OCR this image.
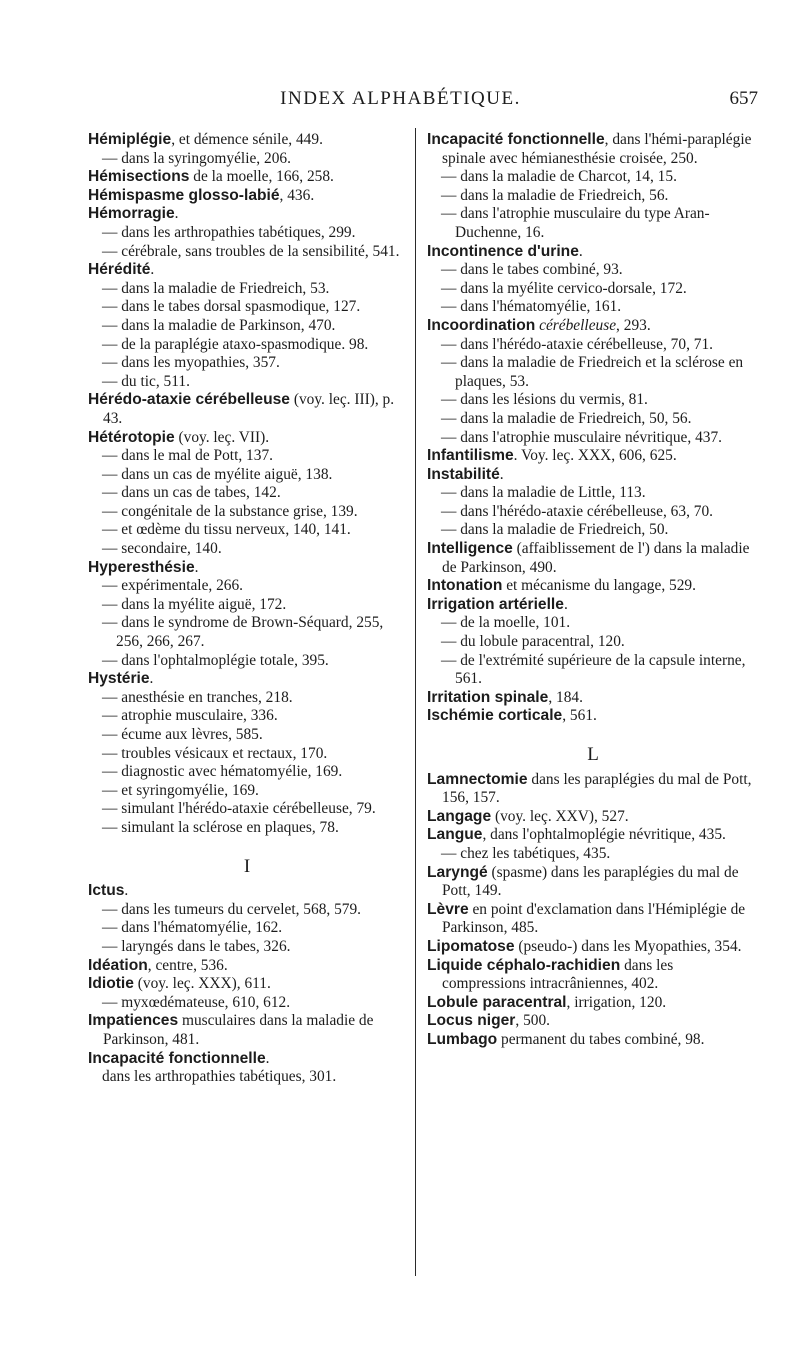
INDEX ALPHABÉTIQUE.	657
Hémiplégie, et démence sénile, 449.
— dans la syringomyélie, 206.
Hémisections de la moelle, 166, 258.
Hémispasme glosso-labié, 436.
Hémorragie.
— dans les arthropathies tabétiques, 299.
— cérébrale, sans troubles de la sensibilité, 541.
Hérédité.
— dans la maladie de Friedreich, 53.
— dans le tabes dorsal spasmodique, 127.
— dans la maladie de Parkinson, 470.
— de la paraplégie ataxo-spasmodique. 98.
— dans les myopathies, 357.
— du tic, 511.
Hérédo-ataxie cérébelleuse (voy. leç. III), p. 43.
Hétérotopie (voy. leç. VII).
— dans le mal de Pott, 137.
— dans un cas de myélite aiguë, 138.
— dans un cas de tabes, 142.
— congénitale de la substance grise, 139.
— et œdème du tissu nerveux, 140, 141.
— secondaire, 140.
Hyperesthésie.
— expérimentale, 266.
— dans la myélite aiguë, 172.
— dans le syndrome de Brown-Séquard, 255, 256, 266, 267.
— dans l'ophtalmoplégie totale, 395.
Hystérie.
— anesthésie en tranches, 218.
— atrophie musculaire, 336.
— écume aux lèvres, 585.
— troubles vésicaux et rectaux, 170.
— diagnostic avec hématomyélie, 169.
— et syringomyélie, 169.
— simulant l'hérédo-ataxie cérébelleuse, 79.
— simulant la sclérose en plaques, 78.
I
Ictus.
— dans les tumeurs du cervelet, 568, 579.
— dans l'hématomyélie, 162.
— laryngés dans le tabes, 326.
Idéation, centre, 536.
Idiotie (voy. leç. XXX), 611.
— myxœdémateuse, 610, 612.
Impatiences musculaires dans la maladie de Parkinson, 481.
Incapacité fonctionnelle.
dans les arthropathies tabétiques, 301.
Incapacité fonctionnelle, dans l'hémi-paraplégie spinale avec hémianesthésie croisée, 250.
— dans la maladie de Charcot, 14, 15.
— dans la maladie de Friedreich, 56.
— dans l'atrophie musculaire du type Aran-Duchenne, 16.
Incontinence d'urine.
— dans le tabes combiné, 93.
— dans la myélite cervico-dorsale, 172.
— dans l'hématomyélie, 161.
Incoordination cérébelleuse, 293.
— dans l'hérédo-ataxie cérébelleuse, 70, 71.
— dans la maladie de Friedreich et la sclérose en plaques, 53.
— dans les lésions du vermis, 81.
— dans la maladie de Friedreich, 50, 56.
— dans l'atrophie musculaire névritique, 437.
Infantilisme. Voy. leç. XXX, 606, 625.
Instabilité.
— dans la maladie de Little, 113.
— dans l'hérédo-ataxie cérébelleuse, 63, 70.
— dans la maladie de Friedreich, 50.
Intelligence (affaiblissement de l') dans la maladie de Parkinson, 490.
Intonation et mécanisme du langage, 529.
Irrigation artérielle.
— de la moelle, 101.
— du lobule paracentral, 120.
— de l'extrémité supérieure de la capsule interne, 561.
Irritation spinale, 184.
Ischémie corticale, 561.
L
Lamnectomie dans les paraplégies du mal de Pott, 156, 157.
Langage (voy. leç. XXV), 527.
Langue, dans l'ophtalmoplégie névritique, 435.
— chez les tabétiques, 435.
Laryngé (spasme) dans les paraplégies du mal de Pott, 149.
Lèvre en point d'exclamation dans l'Hémiplégie de Parkinson, 485.
Lipomatose (pseudo-) dans les Myopathies, 354.
Liquide céphalo-rachidien dans les compressions intracrâniennes, 402.
Lobule paracentral, irrigation, 120.
Locus niger, 500.
Lumbago permanent du tabes combiné, 98.
